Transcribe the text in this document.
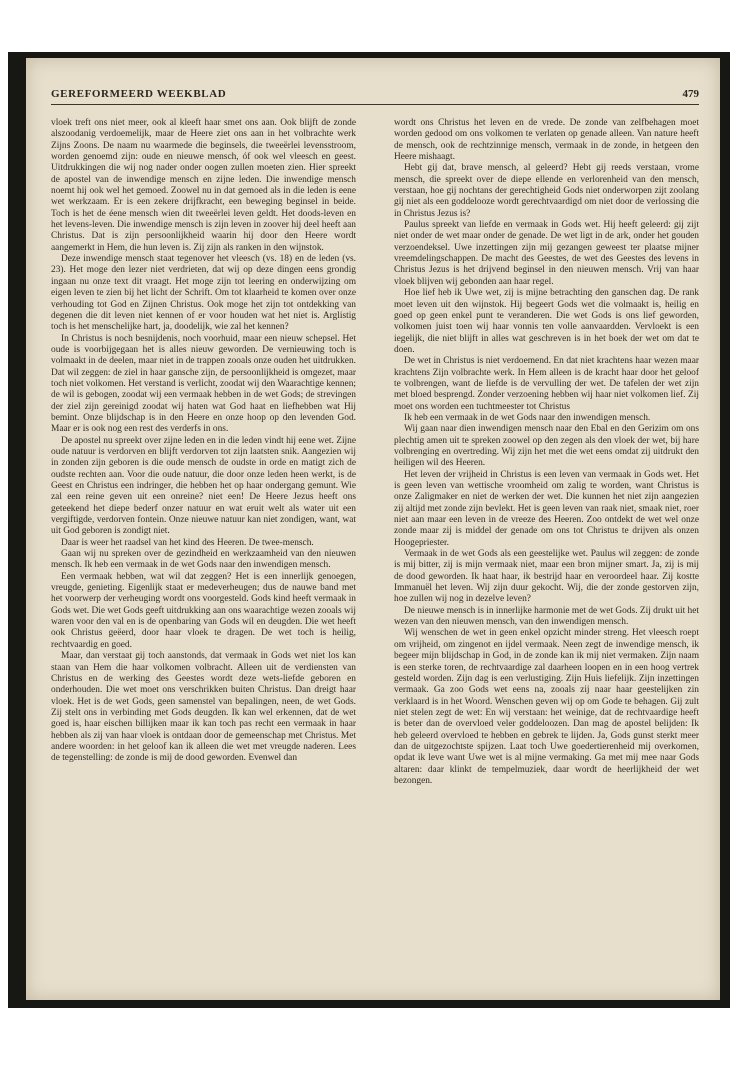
GEREFORMEERD WEEKBLAD	479

vloek treft ons niet meer, ook al kleeft haar smet ons aan. Ook blijft de zonde alszoodanig verdoemelijk, maar de Heere ziet ons aan in het volbrachte werk Zijns Zoons. De naam nu waarmede die beginsels, die tweeërlei levensstroom, worden genoemd zijn: oude en nieuwe mensch, óf ook wel vleesch en geest. Uitdrukkingen die wij nog nader onder oogen zullen moeten zien. Hier spreekt de apostel van de inwendige mensch en zijne leden. Die inwendige mensch noemt hij ook wel het gemoed. Zoowel nu in dat gemoed als in die leden is eene wet werkzaam. Er is een zekere drijfkracht, een beweging beginsel in beide. Toch is het de éene mensch wien dit tweeërlei leven geldt. Het doods-leven en het levens-leven. Die inwendige mensch is zijn leven in zoover hij deel heeft aan Christus. Dat is zijn persoonlijkheid waarin hij door den Heere wordt aangemerkt in Hem, die hun leven is. Zij zijn als ranken in den wijnstok.

Deze inwendige mensch staat tegenover het vleesch (vs. 18) en de leden (vs. 23). Het moge den lezer niet verdrieten, dat wij op deze dingen eens grondig ingaan nu onze text dit vraagt. Het moge zijn tot leering en onderwijzing om eigen leven te zien bij het licht der Schrift. Om tot klaarheid te komen over onze verhouding tot God en Zijnen Christus. Ook moge het zijn tot ontdekking van degenen die dit leven niet kennen of er voor houden wat het niet is. Arglistig toch is het menschelijke hart, ja, doodelijk, wie zal het kennen?

In Christus is noch besnijdenis, noch voorhuid, maar een nieuw schepsel. Het oude is voorbijgegaan het is alles nieuw geworden. De vernieuwing toch is volmaakt in de deelen, maar niet in de trappen zooals onze ouden het uitdrukken. Dat wil zeggen: de ziel in haar gansche zijn, de persoonlijkheid is omgezet, maar toch niet volkomen. Het verstand is verlicht, zoodat wij den Waarachtige kennen; de wil is gebogen, zoodat wij een vermaak hebben in de wet Gods; de strevingen der ziel zijn gereinigd zoodat wij haten wat God haat en liefhebben wat Hij bemint. Onze blijdschap is in den Heere en onze hoop op den levenden God. Maar er is ook nog een rest des verderfs in ons.

De apostel nu spreekt over zijne leden en in die leden vindt hij eene wet. Zijne oude natuur is verdorven en blijft verdorven tot zijn laatsten snik. Aangezien wij in zonden zijn geboren is die oude mensch de oudste in orde en matigt zich de oudste rechten aan. Voor die oude natuur, die door onze leden heen werkt, is de Geest en Christus een indringer, die hebben het op haar ondergang gemunt. Wie zal een reine geven uit een onreine? niet een! De Heere Jezus heeft ons geteekend het diepe bederf onzer natuur en wat eruit welt als water uit een vergiftigde, verdorven fontein. Onze nieuwe natuur kan niet zondigen, want, wat uit God geboren is zondigt niet.

Daar is weer het raadsel van het kind des Heeren. De twee-mensch.

Gaan wij nu spreken over de gezindheid en werkzaamheid van den nieuwen mensch. Ik heb een vermaak in de wet Gods naar den inwendigen mensch.

Een vermaak hebben, wat wil dat zeggen? Het is een innerlijk genoegen, vreugde, genieting. Eigenlijk staat er medeverheugen; dus de nauwe band met het voorwerp der verheuging wordt ons voorgesteld. Gods kind heeft vermaak in Gods wet. Die wet Gods geeft uitdrukking aan ons waarachtige wezen zooals wij waren voor den val en is de openbaring van Gods wil en deugden. Die wet heeft ook Christus geëerd, door haar vloek te dragen. De wet toch is heilig, rechtvaardig en goed.

Maar, dan verstaat gij toch aanstonds, dat vermaak in Gods wet niet los kan staan van Hem die haar volkomen volbracht. Alleen uit de verdiensten van Christus en de werking des Geestes wordt deze wets-liefde geboren en onderhouden. Die wet moet ons verschrikken buiten Christus. Dan dreigt haar vloek. Het is de wet Gods, geen samenstel van bepalingen, neen, de wet Gods. Zij stelt ons in verbinding met Gods deugden. Ik kan wel erkennen, dat de wet goed is, haar eischen billijken maar ik kan toch pas recht een vermaak in haar hebben als zij van haar vloek is ontdaan door de gemeenschap met Christus. Met andere woorden: in het geloof kan ik alleen die wet met vreugde naderen. Lees de tegenstelling: de zonde is mij de dood geworden. Evenwel dan

wordt ons Christus het leven en de vrede. De zonde van zelfbehagen moet worden gedood om ons volkomen te verlaten op genade alleen. Van nature heeft de mensch, ook de rechtzinnige mensch, vermaak in de zonde, in hetgeen den Heere mishaagt.

Hebt gij dat, brave mensch, al geleerd? Hebt gij reeds verstaan, vrome mensch, die spreekt over de diepe ellende en verlorenheid van den mensch, verstaan, hoe gij nochtans der gerechtigheid Gods niet onderworpen zijt zoolang gij niet als een goddelooze wordt gerechtvaardigd om niet door de verlossing die in Christus Jezus is?

Paulus spreekt van liefde en vermaak in Gods wet. Hij heeft geleerd: gij zijt niet onder de wet maar onder de genade. De wet ligt in de ark, onder het gouden verzoendeksel. Uwe inzettingen zijn mij gezangen geweest ter plaatse mijner vreemdelingschappen. De macht des Geestes, de wet des Geestes des levens in Christus Jezus is het drijvend beginsel in den nieuwen mensch. Vrij van haar vloek blijven wij gebonden aan haar regel.

Hoe lief heb ik Uwe wet, zij is mijne betrachting den ganschen dag. De rank moet leven uit den wijnstok. Hij begeert Gods wet die volmaakt is, heilig en goed op geen enkel punt te veranderen. Die wet Gods is ons lief geworden, volkomen juist toen wij haar vonnis ten volle aanvaardden. Vervloekt is een iegelijk, die niet blijft in alles wat geschreven is in het boek der wet om dat te doen.

De wet in Christus is niet verdoemend. En dat niet krachtens haar wezen maar krachtens Zijn volbrachte werk. In Hem alleen is de kracht haar door het geloof te volbrengen, want de liefde is de vervulling der wet. De tafelen der wet zijn met bloed besprengd. Zonder verzoening hebben wij haar niet volkomen lief. Zij moet ons worden een tuchtmeester tot Christus

Ik heb een vermaak in de wet Gods naar den inwendigen mensch.

Wij gaan naar dien inwendigen mensch naar den Ebal en den Gerizim om ons plechtig amen uit te spreken zoowel op den zegen als den vloek der wet, bij hare volbrenging en overtreding. Wij zijn het met die wet eens omdat zij uitdrukt den heiligen wil des Heeren.

Het leven der vrijheid in Christus is een leven van vermaak in Gods wet. Het is geen leven van wettische vroomheid om zalig te worden, want Christus is onze Zaligmaker en niet de werken der wet. Die kunnen het niet zijn aangezien zij altijd met zonde zijn bevlekt. Het is geen leven van raak niet, smaak niet, roer niet aan maar een leven in de vreeze des Heeren. Zoo ontdekt de wet wel onze zonde maar zij is middel der genade om ons tot Christus te drijven als onzen Hoogepriester.

Vermaak in de wet Gods als een geestelijke wet. Paulus wil zeggen: de zonde is mij bitter, zij is mijn vermaak niet, maar een bron mijner smart. Ja, zij is mij de dood geworden. Ik haat haar, ik bestrijd haar en veroordeel haar. Zij kostte Immanuël het leven. Wij zijn duur gekocht. Wij, die der zonde gestorven zijn, hoe zullen wij nog in dezelve leven?

De nieuwe mensch is in innerlijke harmonie met de wet Gods. Zij drukt uit het wezen van den nieuwen mensch, van den inwendigen mensch.

Wij wenschen de wet in geen enkel opzicht minder streng. Het vleesch roept om vrijheid, om zingenot en ijdel vermaak. Neen zegt de inwendige mensch, ik begeer mijn blijdschap in God, in de zonde kan ik mij niet vermaken. Zijn naam is een sterke toren, de rechtvaardige zal daarheen loopen en in een hoog vertrek gesteld worden. Zijn dag is een verlustiging. Zijn Huis liefelijk. Zijn inzettingen vermaak. Ga zoo Gods wet eens na, zooals zij naar haar geestelijken zin verklaard is in het Woord. Wenschen geven wij op om Gode te behagen. Gij zult niet stelen zegt de wet: En wij verstaan: het weinige, dat de rechtvaardige heeft is beter dan de overvloed veler goddeloozen. Dan mag de apostel belijden: Ik heb geleerd overvloed te hebben en gebrek te lijden. Ja, Gods gunst sterkt meer dan de uitgezochtste spijzen. Laat toch Uwe goedertierenheid mij overkomen, opdat ik leve want Uwe wet is al mijne vermaking. Ga met mij mee naar Gods altaren: daar klinkt de tempelmuziek, daar wordt de heerlijkheid der wet bezongen.
